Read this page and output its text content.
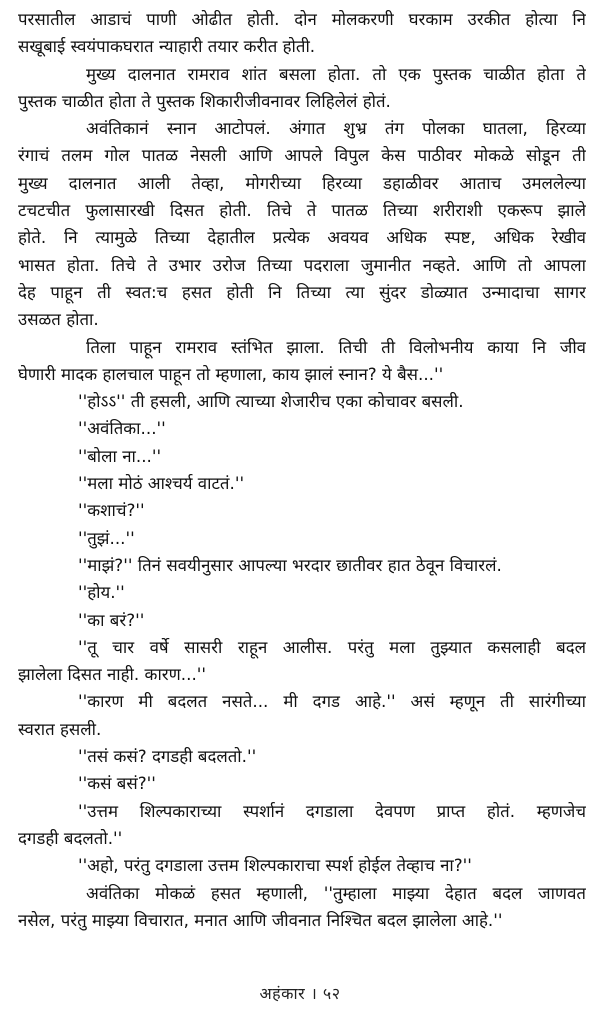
परसातील आडाचं पाणी ओढीत होती. दोन मोलकरणी घरकाम उरकीत होत्या नि
सखूबाई स्वयंपाकघरात न्याहारी तयार करीत होती.
मुख्य दालनात रामराव शांत बसला होता. तो एक पुस्तक चाळीत होता ते
पुस्तक चाळीत होता ते पुस्तक शिकारीजीवनावर लिहिलेलं होतं.
अवंतिकानं स्नान आटोपलं. अंगात शुभ्र तंग पोलका घातला, हिरव्या
रंगाचं तलम गोल पातळ नेसली आणि आपले विपुल केस पाठीवर मोकळे सोडून ती
मुख्य दालनात आली तेव्हा, मोगरीच्या हिरव्या डहाळीवर आताच उमललेल्या
टचटचीत फुलासारखी दिसत होती. तिचे ते पातळ तिच्या शरीराशी एकरूप झाले
होते. नि त्यामुळे तिच्या देहातील प्रत्येक अवयव अधिक स्पष्ट, अधिक रेखीव
भासत होता. तिचे ते उभार उरोज तिच्या पदराला जुमानीत नव्हते. आणि तो आपला
देह पाहून ती स्वत:च हसत होती नि तिच्या त्या सुंदर डोळ्यात उन्मादाचा सागर
उसळत होता.
तिला पाहून रामराव स्तंभित झाला. तिची ती विलोभनीय काया नि जीव
घेणारी मादक हालचाल पाहून तो म्हणाला, काय झालं स्नान? ये बैस...''
''होऽऽ'' ती हसली, आणि त्याच्या शेजारीच एका कोचावर बसली.
''अवंतिका...''
''बोला ना...''
''मला मोठं आश्चर्य वाटतं.''
''कशाचं?''
''तुझं...''
''माझं?'' तिनं सवयीनुसार आपल्या भरदार छातीवर हात ठेवून विचारलं.
''होय.''
''का बरं?''
''तू चार वर्षे सासरी राहून आलीस. परंतु मला तुझ्यात कसलाही बदल
झालेला दिसत नाही. कारण...''
''कारण मी बदलत नसते... मी दगड आहे.'' असं म्हणून ती सारंगीच्या
स्वरात हसली.
''तसं कसं? दगडही बदलतो.''
''कसं बसं?''
''उत्तम शिल्पकाराच्या स्पर्शानं दगडाला देवपण प्राप्त होतं. म्हणजेच
दगडही बदलतो.''
''अहो, परंतु दगडाला उत्तम शिल्पकाराचा स्पर्श होईल तेव्हाच ना?''
अवंतिका मोकळं हसत म्हणाली, ''तुम्हाला माझ्या देहात बदल जाणवत
नसेल, परंतु माझ्या विचारात, मनात आणि जीवनात निश्चित बदल झालेला आहे.''
अहंकार । ५२
